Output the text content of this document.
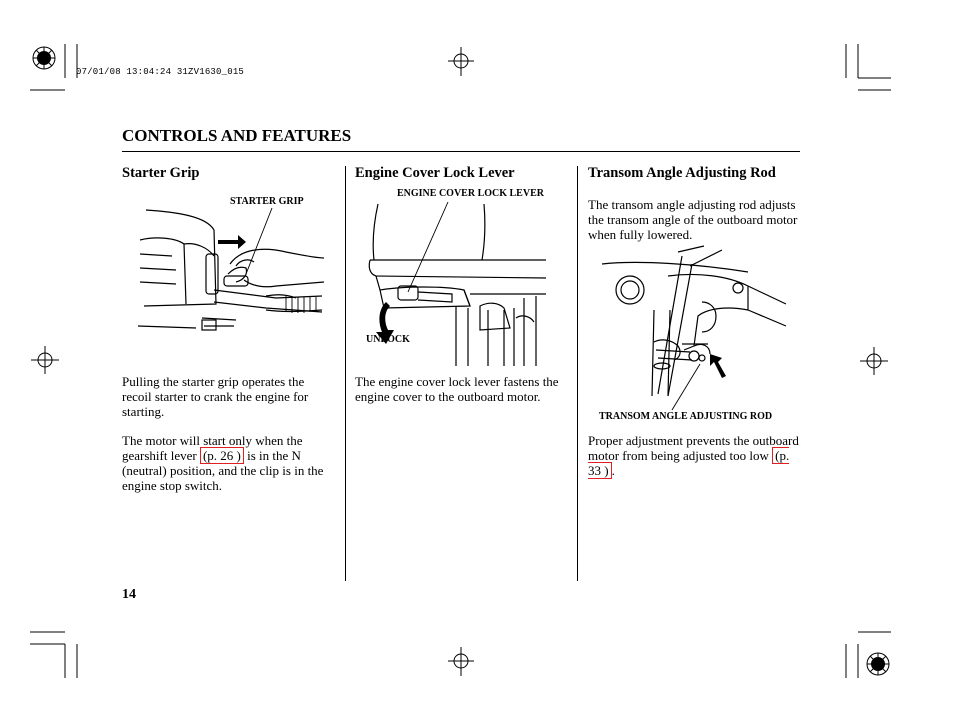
07/01/08 13:04:24 31ZV1630_015
CONTROLS AND FEATURES
Starter Grip
STARTER GRIP
Pulling the starter grip operates the recoil starter to crank the engine for starting.
The motor will start only when the gearshift lever (p. 26 ) is in the N (neutral) position, and the clip is in the engine stop switch.
Engine Cover Lock Lever
ENGINE COVER LOCK LEVER
UNLOCK
The engine cover lock lever fastens the engine cover to the outboard motor.
Transom Angle Adjusting Rod
The transom angle adjusting rod adjusts the transom angle of the outboard motor when fully lowered.
TRANSOM ANGLE ADJUSTING ROD
Proper adjustment prevents the outboard motor from being adjusted too low (p. 33 ) .
14
